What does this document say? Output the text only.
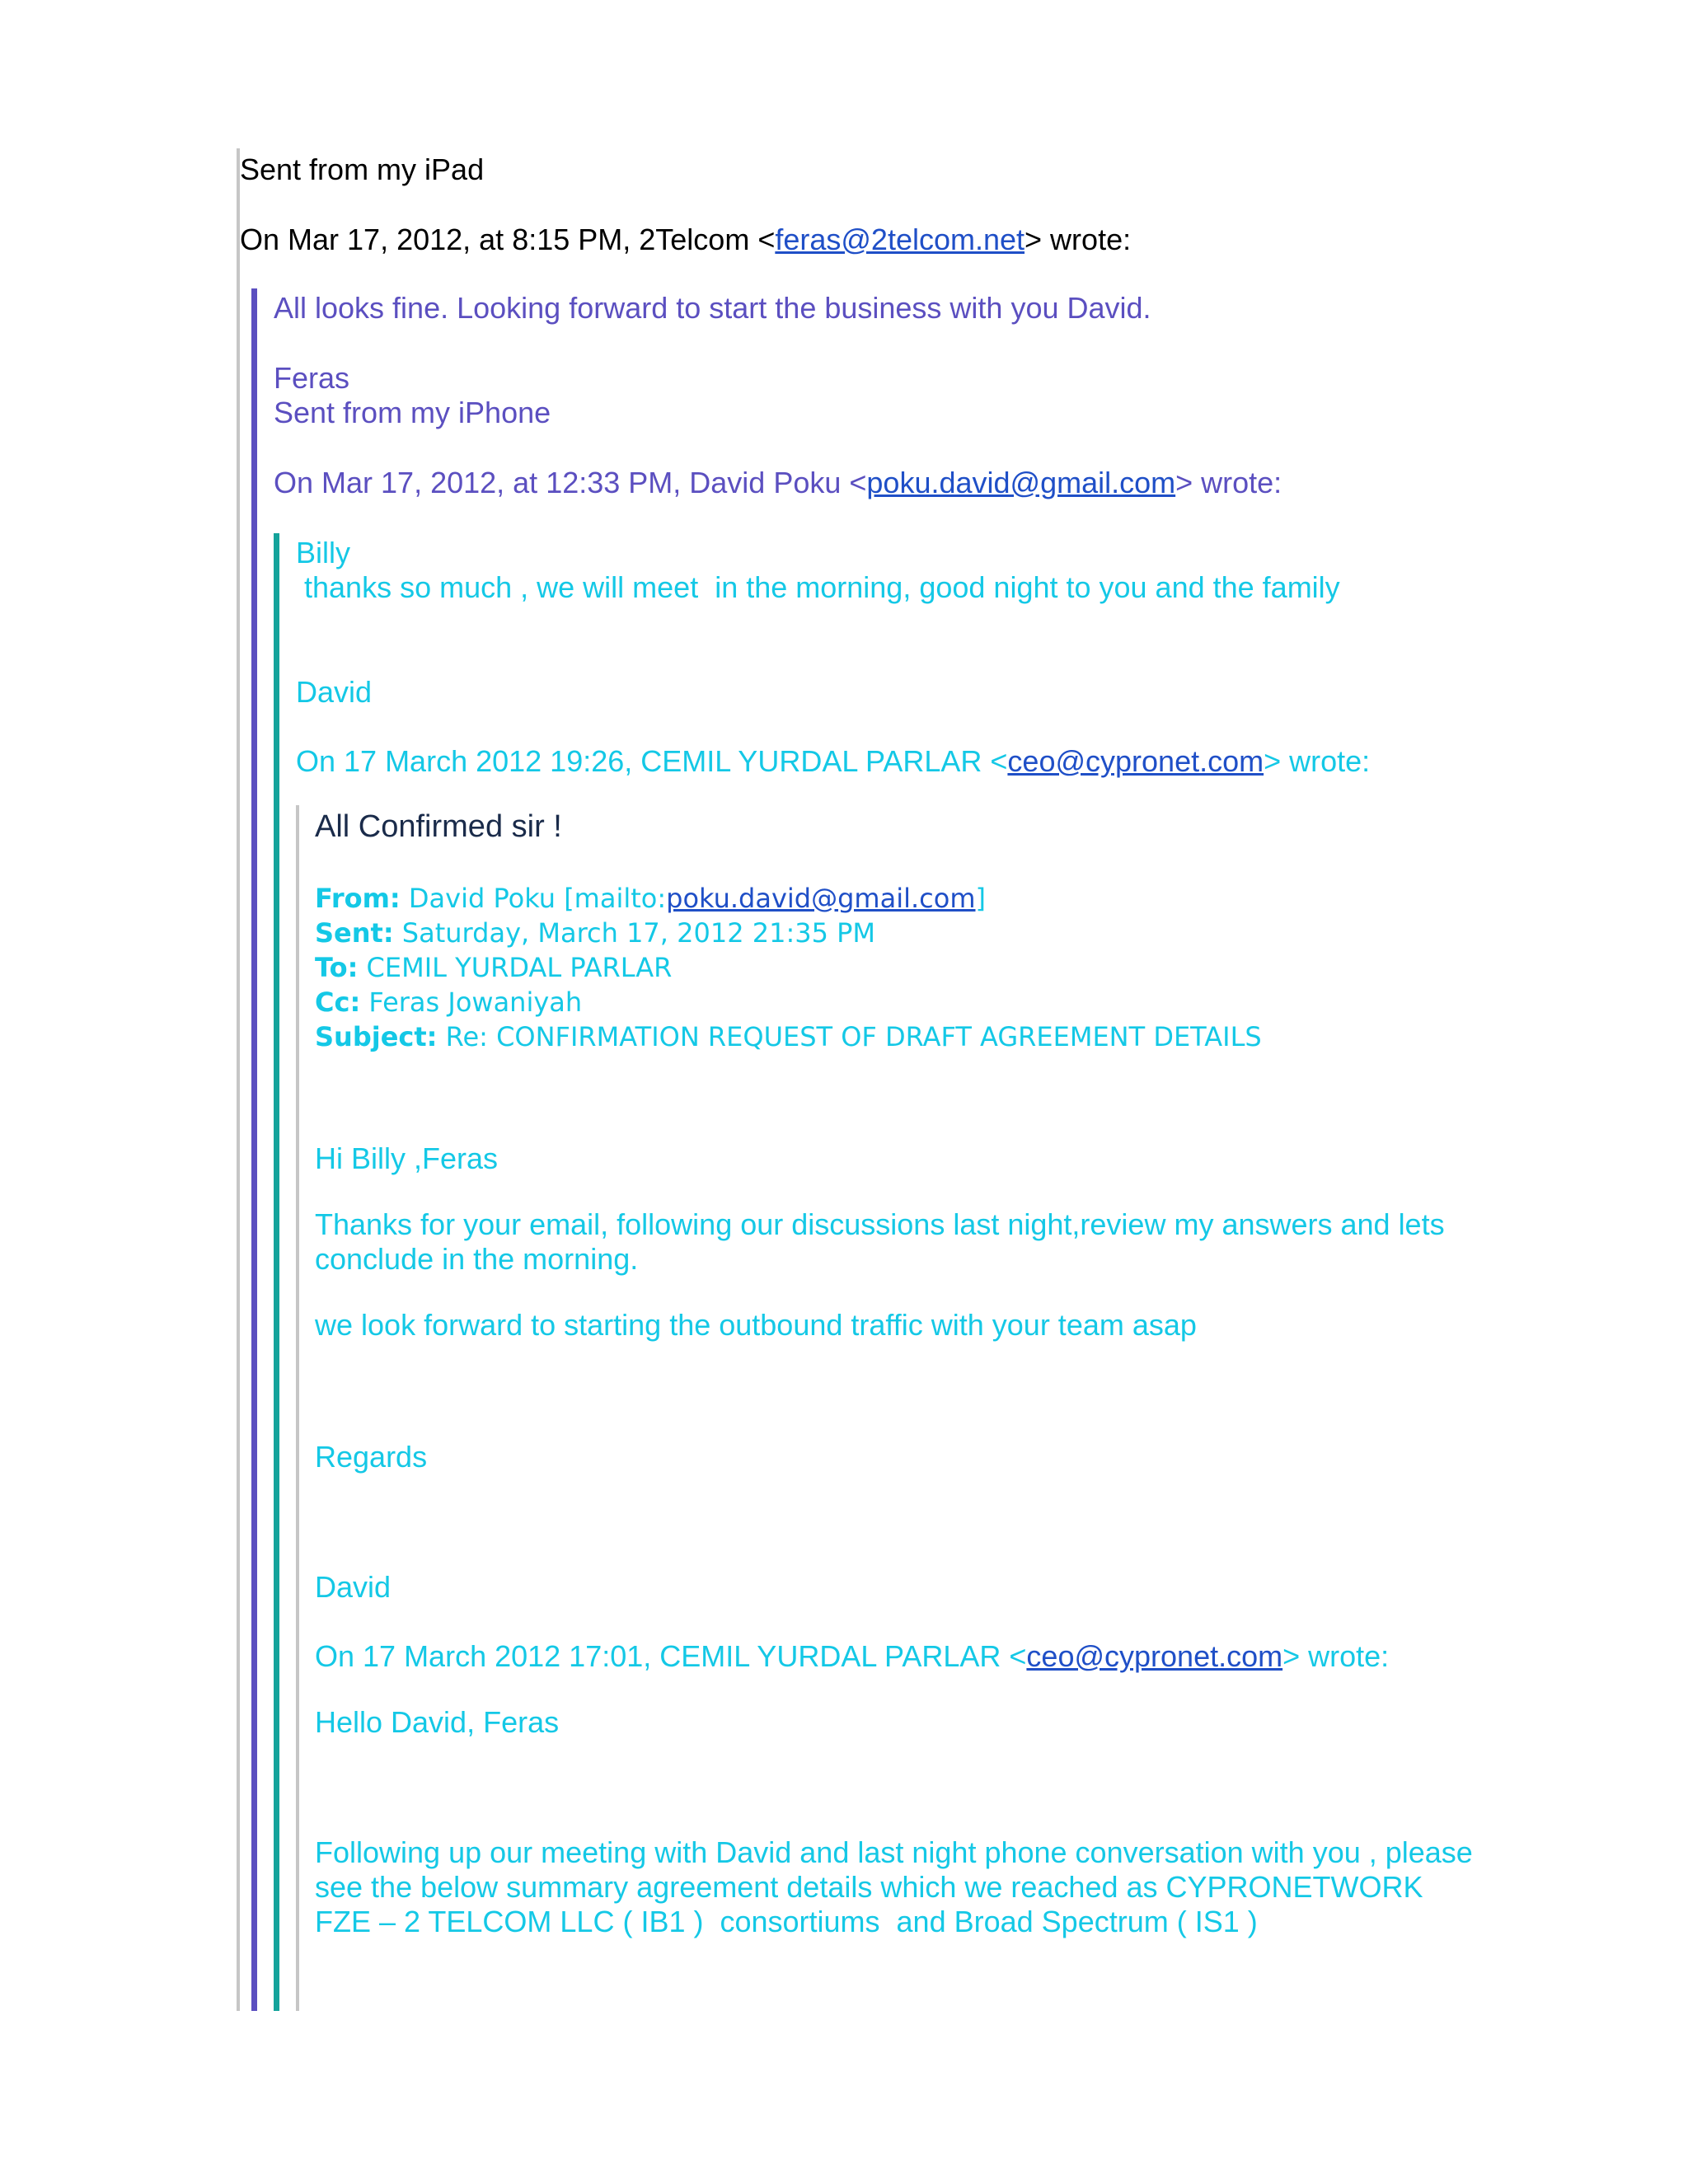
Sent from my iPad
On Mar 17, 2012, at 8:15 PM, 2Telcom <feras@2telcom.net> wrote:
All looks fine. Looking forward to start the business with you David.
Feras
Sent from my iPhone
On Mar 17, 2012, at 12:33 PM, David Poku <poku.david@gmail.com> wrote:
Billy
thanks so much , we will meet  in the morning, good night to you and the family
David
On 17 March 2012 19:26, CEMIL YURDAL PARLAR <ceo@cypronet.com> wrote:
All Confirmed sir !
From: David Poku [mailto:poku.david@gmail.com]
Sent: Saturday, March 17, 2012 21:35 PM
To: CEMIL YURDAL PARLAR
Cc: Feras Jowaniyah
Subject: Re: CONFIRMATION REQUEST OF DRAFT AGREEMENT DETAILS
Hi Billy ,Feras
Thanks for your email, following our discussions last night,review my answers and lets conclude in the morning.
we look forward to starting the outbound traffic with your team asap
Regards
David
On 17 March 2012 17:01, CEMIL YURDAL PARLAR <ceo@cypronet.com> wrote:
Hello David, Feras
Following up our meeting with David and last night phone conversation with you , please see the below summary agreement details which we reached as CYPRONETWORK FZE – 2 TELCOM LLC ( IB1 )  consortiums  and Broad Spectrum ( IS1 )
